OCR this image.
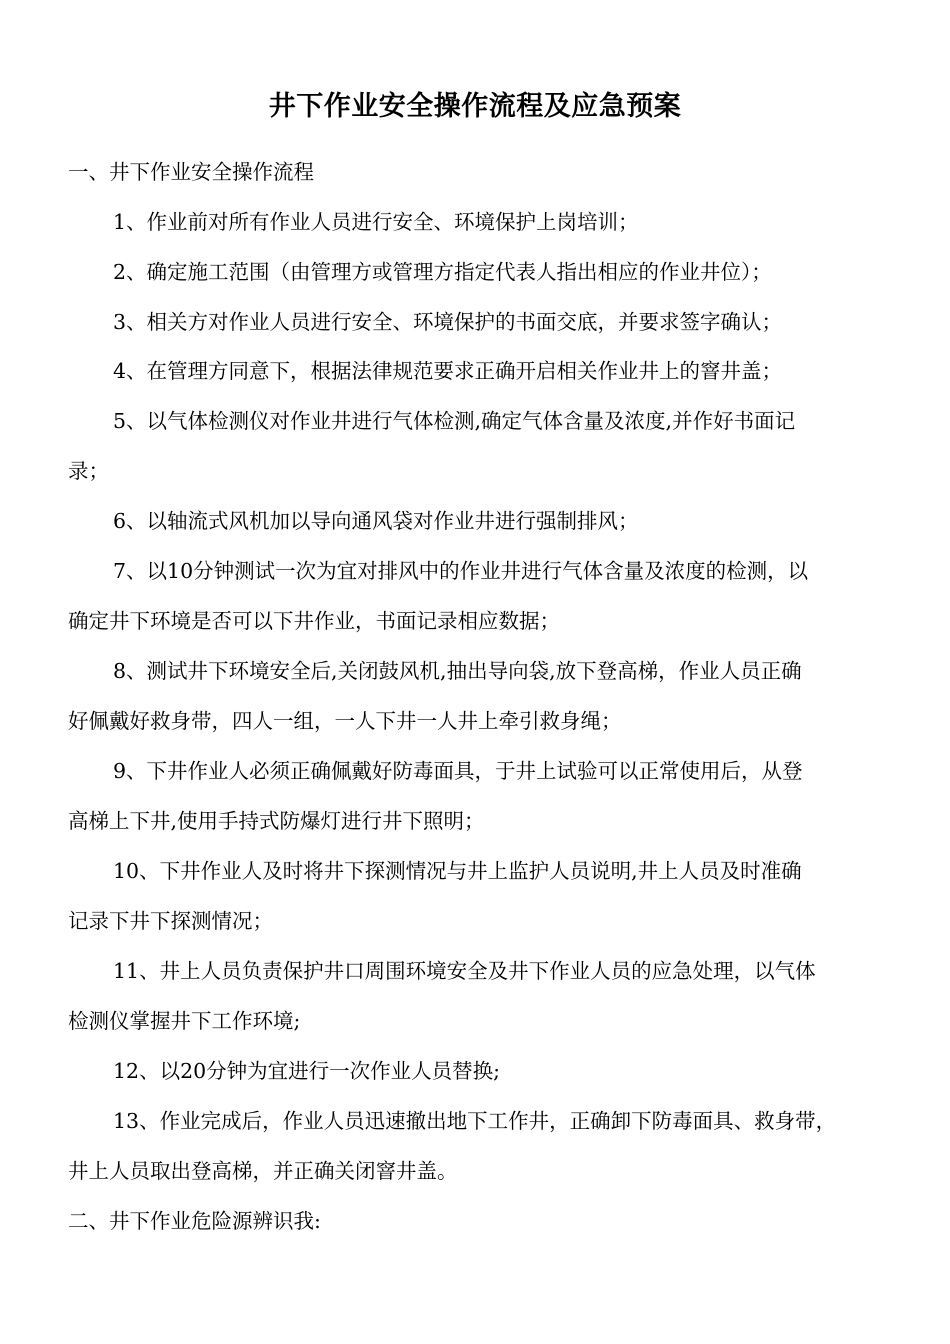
井下作业安全操作流程及应急预案
一、井下作业安全操作流程
1、作业前对所有作业人员进行安全、环境保护上岗培训；
2、确定施工范围（由管理方或管理方指定代表人指出相应的作业井位）；
3、相关方对作业人员进行安全、环境保护的书面交底，并要求签字确认；
4、在管理方同意下，根据法律规范要求正确开启相关作业井上的窨井盖；
5、以气体检测仪对作业井进行气体检测,确定气体含量及浓度,并作好书面记
录；
6、以轴流式风机加以导向通风袋对作业井进行强制排风；
7、以10分钟测试一次为宜对排风中的作业井进行气体含量及浓度的检测，以
确定井下环境是否可以下井作业，书面记录相应数据；
8、测试井下环境安全后,关闭鼓风机,抽出导向袋,放下登高梯，作业人员正确
好佩戴好救身带，四人一组，一人下井一人井上牵引救身绳；
9、下井作业人必须正确佩戴好防毒面具，于井上试验可以正常使用后，从登
高梯上下井,使用手持式防爆灯进行井下照明；
10、下井作业人及时将井下探测情况与井上监护人员说明,井上人员及时准确
记录下井下探测情况；
11、井上人员负责保护井口周围环境安全及井下作业人员的应急处理，以气体
检测仪掌握井下工作环境;
12、以20分钟为宜进行一次作业人员替换;
13、作业完成后，作业人员迅速撤出地下工作井，正确卸下防毒面具、救身带，
井上人员取出登高梯，并正确关闭窨井盖。
二、井下作业危险源辨识我:
